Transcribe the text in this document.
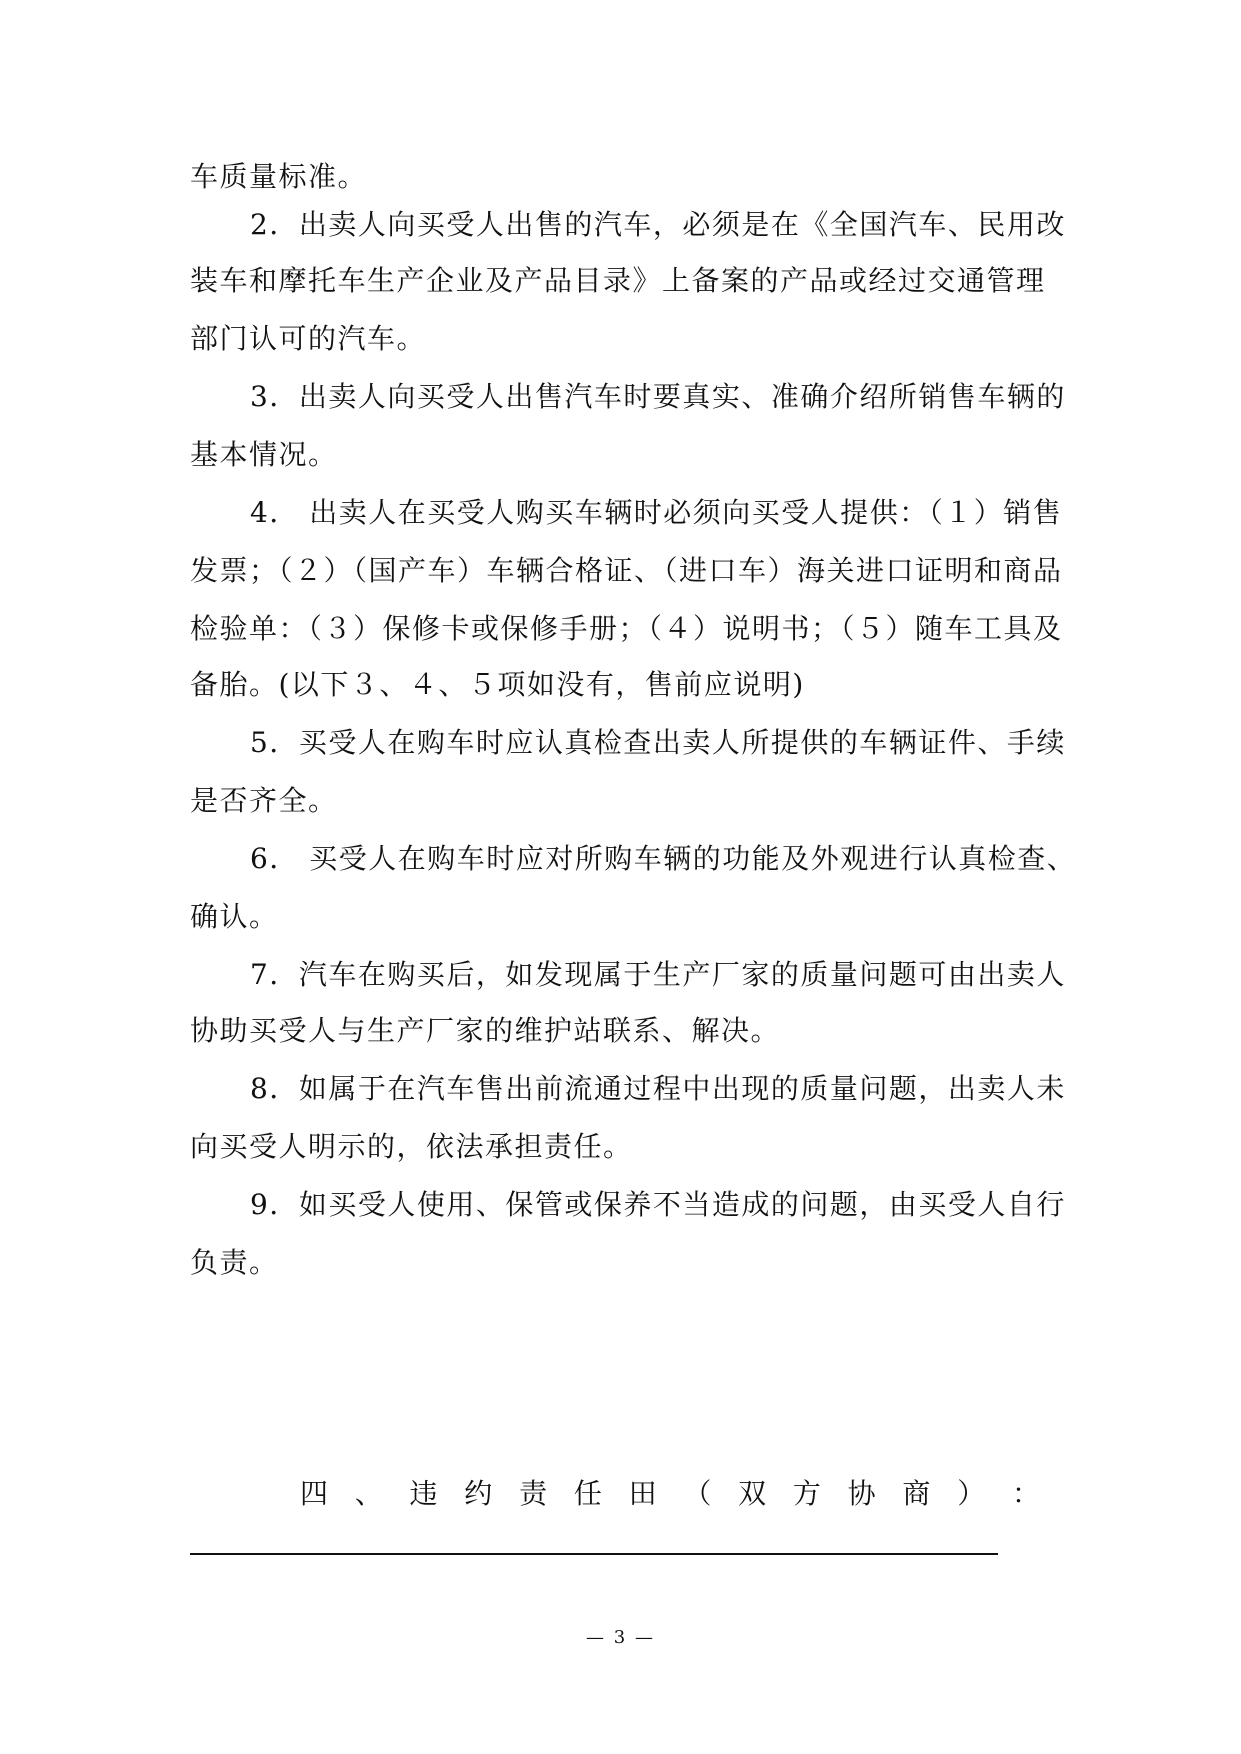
车质量标准。
2．出卖人向买受人出售的汽车，必须是在《全国汽车、民用改
装车和摩托车生产企业及产品目录》上备案的产品或经过交通管理
部门认可的汽车。
3．出卖人向买受人出售汽车时要真实、准确介绍所销售车辆的
基本情况。
4． 出卖人在买受人购买车辆时必须向买受人提供：（１）销售
发票；（２）（国产车）车辆合格证、（进口车）海关进口证明和商品
检验单：（３）保修卡或保修手册；（４）说明书；（５）随车工具及
备胎。(以下３、４、５项如没有，售前应说明)
5．买受人在购车时应认真检查出卖人所提供的车辆证件、手续
是否齐全。
6． 买受人在购车时应对所购车辆的功能及外观进行认真检查、
确认。
7．汽车在购买后，如发现属于生产厂家的质量问题可由出卖人
协助买受人与生产厂家的维护站联系、解决。
8．如属于在汽车售出前流通过程中出现的质量问题，出卖人未
向买受人明示的，依法承担责任。
9．如买受人使用、保管或保养不当造成的问题，由买受人自行
负责。
四 、 违 约 责 任 田 （ 双 方 协 商 ） ：
— 3 —
